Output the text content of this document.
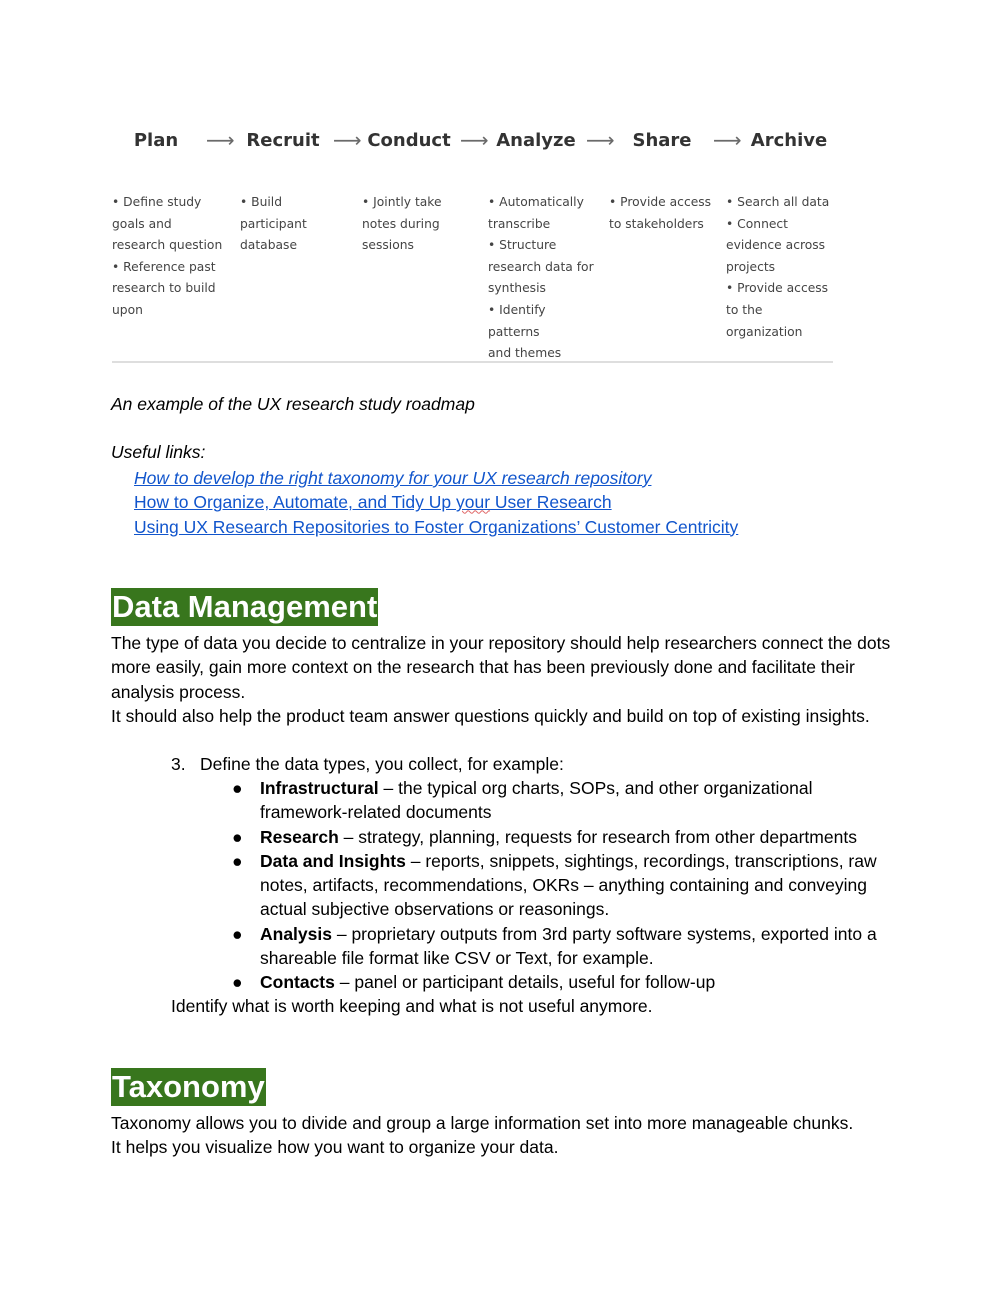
Plan	⟶ Recruit ⟶ Conduct ⟶ Analyze ⟶ Share	⟶ Archive
• Define study
goals and
research question
• Reference past
research to build
upon
• Build participant
database
• Jointly take
notes during
sessions
• Automatically
transcribe
• Structure
research data for
synthesis
• Identify patterns
and themes
• Provide access
to stakeholders
• Search all data
• Connect
evidence across
projects
• Provide access
to the organization
An example of the UX research study roadmap
Useful links:
How to develop the right taxonomy for your UX research repository
How to Organize, Automate, and Tidy Up your User Research
Using UX Research Repositories to Foster Organizations’ Customer Centricity
Data Management
The type of data you decide to centralize in your repository should help researchers connect the dots more easily, gain more context on the research that has been previously done and facilitate their analysis process.
It should also help the product team answer questions quickly and build on top of existing insights.
3. Define the data types, you collect, for example:
● Infrastructural – the typical org charts, SOPs, and other organizational framework-related documents
● Research – strategy, planning, requests for research from other departments
● Data and Insights – reports, snippets, sightings, recordings, transcriptions, raw notes, artifacts, recommendations, OKRs – anything containing and conveying actual subjective observations or reasonings.
● Analysis – proprietary outputs from 3rd party software systems, exported into a shareable file format like CSV or Text, for example.
● Contacts – panel or participant details, useful for follow-up
Identify what is worth keeping and what is not useful anymore.
Taxonomy
Taxonomy allows you to divide and group a large information set into more manageable chunks.
It helps you visualize how you want to organize your data.
